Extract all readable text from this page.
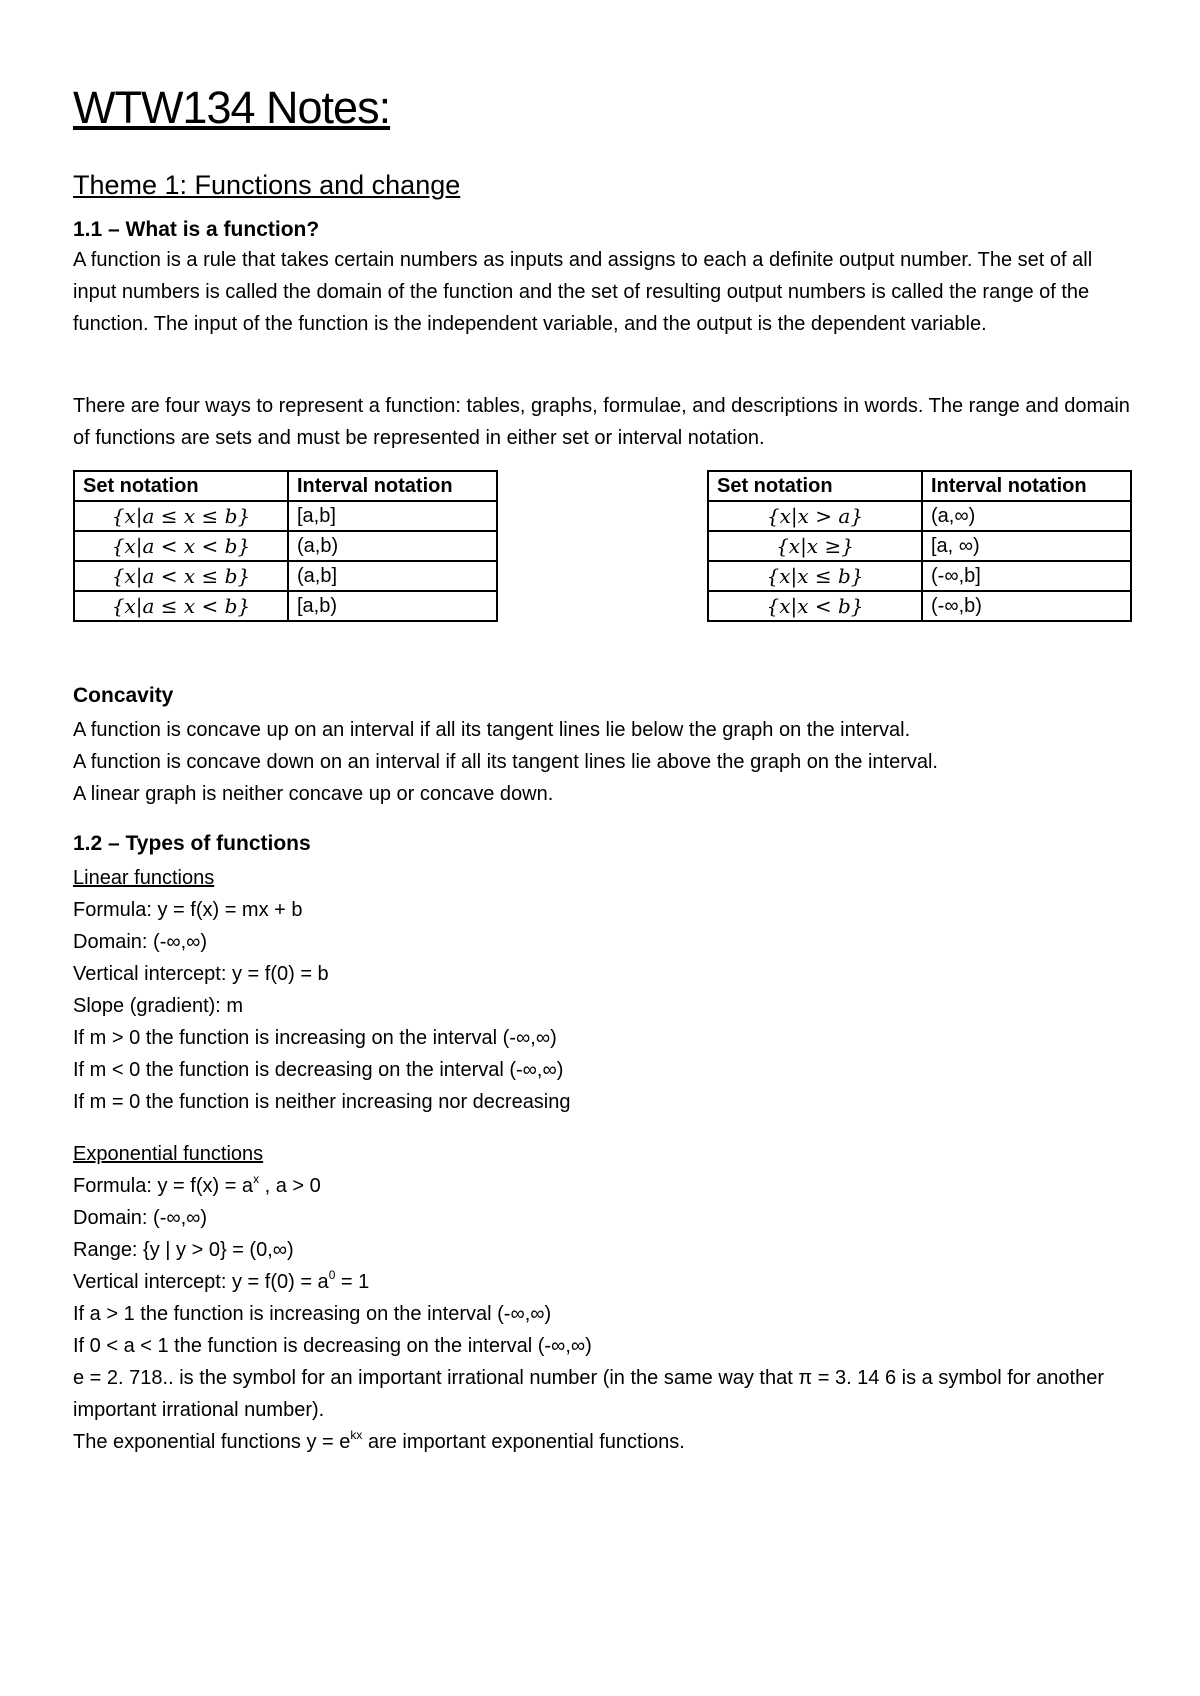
WTW134 Notes:
Theme 1: Functions and change
1.1 – What is a function?
A function is a rule that takes certain numbers as inputs and assigns to each a definite output number. The set of all input numbers is called the domain of the function and the set of resulting output numbers is called the range of the function. The input of the function is the independent variable, and the output is the dependent variable.
There are four ways to represent a function: tables, graphs, formulae, and descriptions in words. The range and domain of functions are sets and must be represented in either set or interval notation.
Set notation	Interval notation
{x|a ≤ x ≤ b}	[a,b]
{x|a < x < b}	(a,b)
{x|a < x ≤ b}	(a,b]
{x|a ≤ x < b}	[a,b)
Set notation	Interval notation
{x|x > a}	(a,∞)
{x|x ≥}	[a, ∞)
{x|x ≤ b}	(-∞,b]
{x|x < b}	(-∞,b)
Concavity
A function is concave up on an interval if all its tangent lines lie below the graph on the interval.
A function is concave down on an interval if all its tangent lines lie above the graph on the interval.
A linear graph is neither concave up or concave down.
1.2 – Types of functions
Linear functions
Formula: y = f(x) = mx + b
Domain: (-∞,∞)
Vertical intercept: y = f(0) = b
Slope (gradient): m
If m > 0 the function is increasing on the interval (-∞,∞)
If m < 0 the function is decreasing on the interval (-∞,∞)
If m = 0 the function is neither increasing nor decreasing
Exponential functions
Formula: $y = f(x) = a^x$ , a > 0
Domain: (-∞,∞)
Range: {y | y > 0} = (0,∞)
Vertical intercept: $y = f(0) = a^0 = 1$
If a > 1 the function is increasing on the interval (-∞,∞)
If 0 < a < 1 the function is decreasing on the interval (-∞,∞)
e = 2. 718.. is the symbol for an important irrational number (in the same way that π = 3. 14 6 is a symbol for another important irrational number).
The exponential functions $y = e^{kx}$ are important exponential functions.
